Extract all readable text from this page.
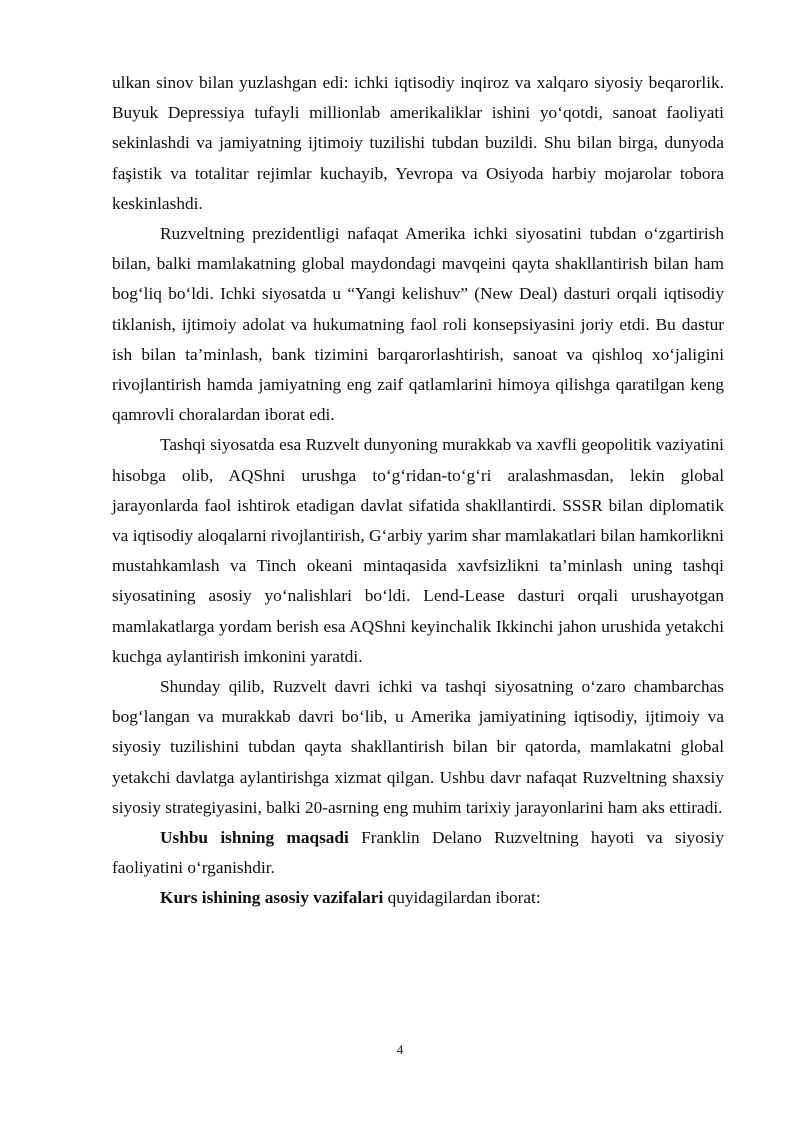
ulkan sinov bilan yuzlashgan edi: ichki iqtisodiy inqiroz va xalqaro siyosiy beqarorlik. Buyuk Depressiya tufayli millionlab amerikaliklar ishini yo‘qotdi, sanoat faoliyati sekinlashdi va jamiyatning ijtimoiy tuzilishi tubdan buzildi. Shu bilan birga, dunyoda faşistik va totalitar rejimlar kuchayib, Yevropa va Osiyoda harbiy mojarolar tobora keskinlashdi.

Ruzveltning prezidentligi nafaqat Amerika ichki siyosatini tubdan o‘zgartirish bilan, balki mamlakatning global maydondagi mavqeini qayta shakllantirish bilan ham bog‘liq bo‘ldi. Ichki siyosatda u “Yangi kelishuv” (New Deal) dasturi orqali iqtisodiy tiklanish, ijtimoiy adolat va hukumatning faol roli konsepsiyasini joriy etdi. Bu dastur ish bilan ta’minlash, bank tizimini barqarorlashtirish, sanoat va qishloq xo‘jaligini rivojlantirish hamda jamiyatning eng zaif qatlamlarini himoya qilishga qaratilgan keng qamrovli choralardan iborat edi.

Tashqi siyosatda esa Ruzvelt dunyoning murakkab va xavfli geopolitik vaziyatini hisobga olib, AQShni urushga to‘g‘ridan-to‘g‘ri aralashmasdan, lekin global jarayonlarda faol ishtirok etadigan davlat sifatida shakllantirdi. SSSR bilan diplomatik va iqtisodiy aloqalarni rivojlantirish, G‘arbiy yarim shar mamlakatlari bilan hamkorlikni mustahkamlash va Tinch okeani mintaqasida xavfsizlikni ta’minlash uning tashqi siyosatining asosiy yo‘nalishlari bo‘ldi. Lend-Lease dasturi orqali urushayotgan mamlakatlarga yordam berish esa AQShni keyinchalik Ikkinchi jahon urushida yetakchi kuchga aylantirish imkonini yaratdi.

Shunday qilib, Ruzvelt davri ichki va tashqi siyosatning o‘zaro chambarchas bog‘langan va murakkab davri bo‘lib, u Amerika jamiyatining iqtisodiy, ijtimoiy va siyosiy tuzilishini tubdan qayta shakllantirish bilan bir qatorda, mamlakatni global yetakchi davlatga aylantirishga xizmat qilgan. Ushbu davr nafaqat Ruzveltning shaxsiy siyosiy strategiyasini, balki 20-asrning eng muhim tarixiy jarayonlarini ham aks ettiradi.

Ushbu ishning maqsadi Franklin Delano Ruzveltning hayoti va siyosiy faoliyatini o‘rganishdir.

Kurs ishining asosiy vazifalari quyidagilardan iborat:

4
